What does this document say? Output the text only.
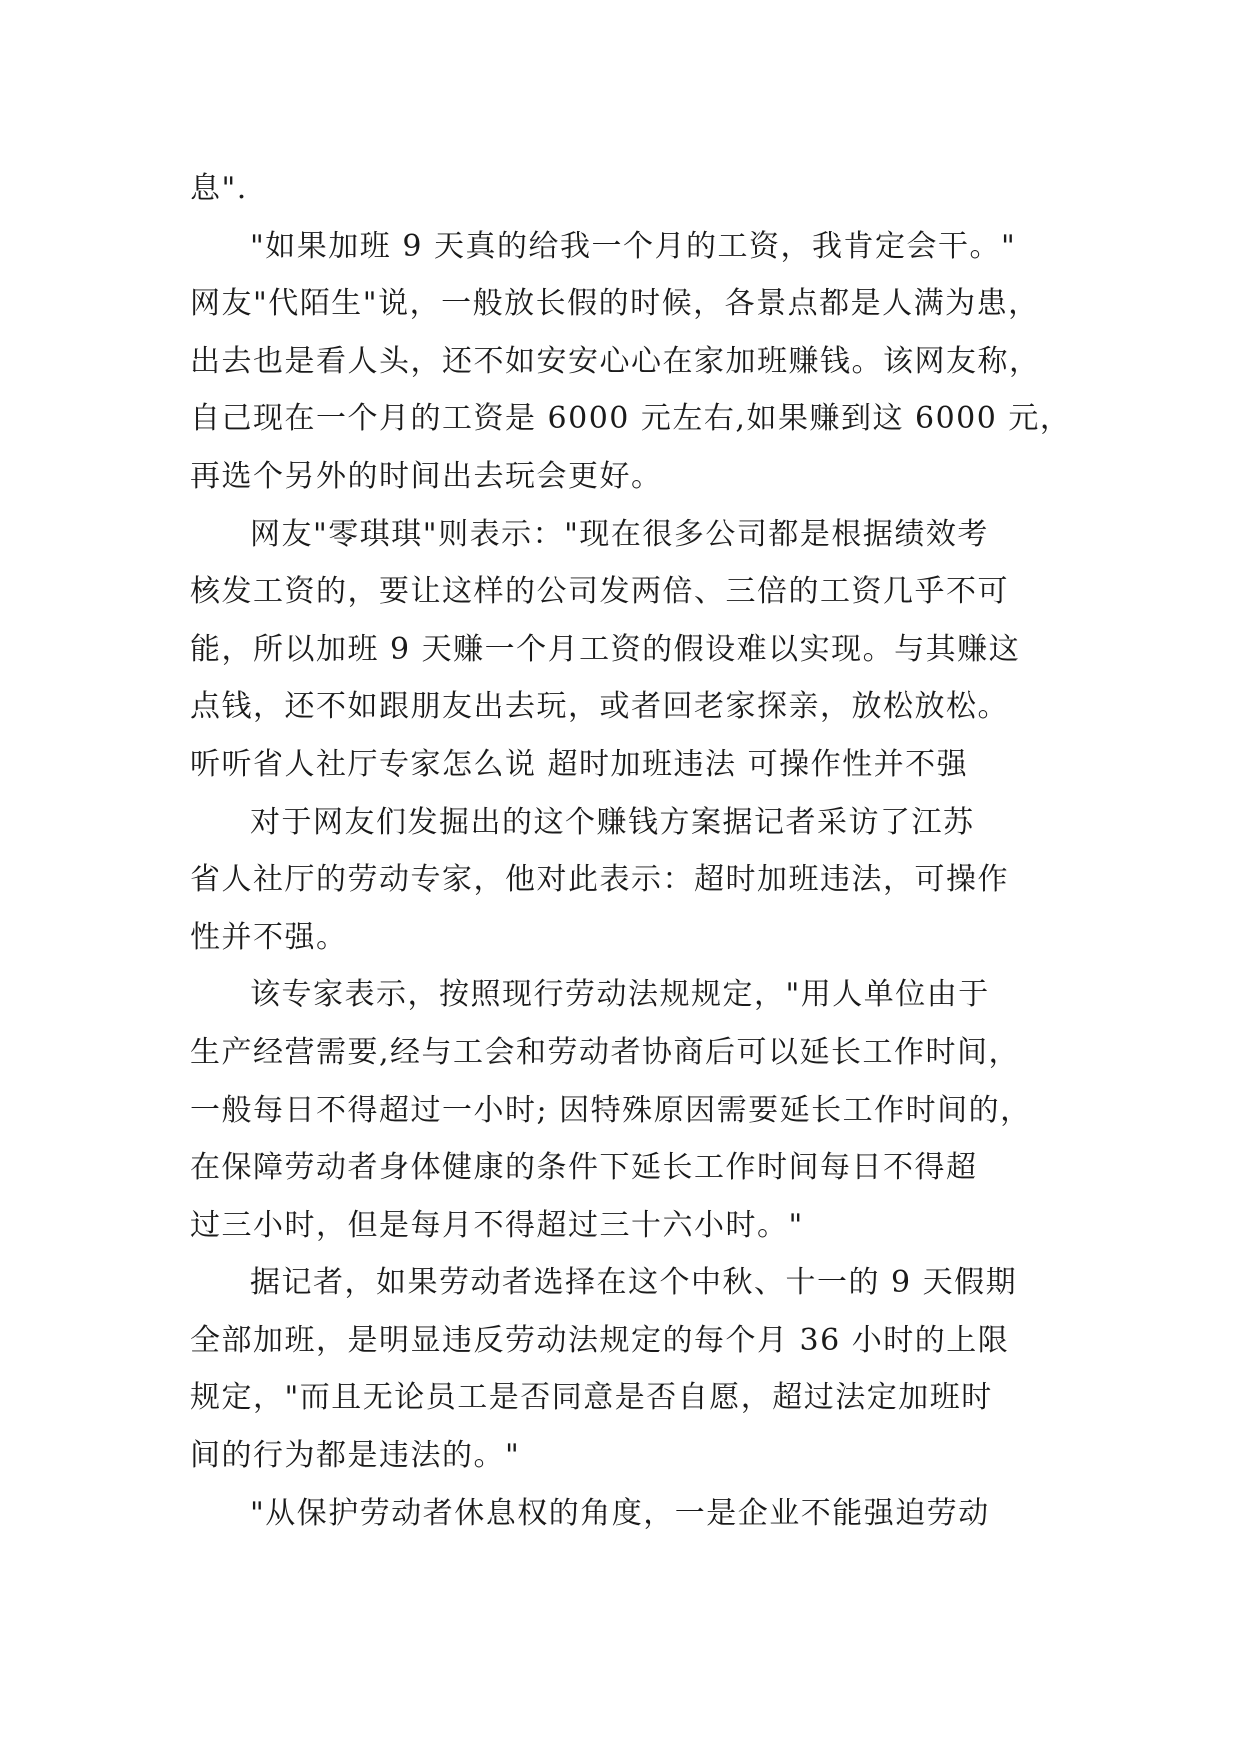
息".
"如果加班 9 天真的给我一个月的工资，我肯定会干。"
网友"代陌生"说，一般放长假的时候，各景点都是人满为患，
出去也是看人头，还不如安安心心在家加班赚钱。该网友称，
自己现在一个月的工资是 6000 元左右,如果赚到这 6000 元，
再选个另外的时间出去玩会更好。
网友"零琪琪"则表示："现在很多公司都是根据绩效考
核发工资的，要让这样的公司发两倍、三倍的工资几乎不可
能，所以加班 9 天赚一个月工资的假设难以实现。与其赚这
点钱，还不如跟朋友出去玩，或者回老家探亲，放松放松。
听听省人社厅专家怎么说 超时加班违法 可操作性并不强
对于网友们发掘出的这个赚钱方案据记者采访了江苏
省人社厅的劳动专家，他对此表示：超时加班违法，可操作
性并不强。
该专家表示，按照现行劳动法规规定，"用人单位由于
生产经营需要,经与工会和劳动者协商后可以延长工作时间，
一般每日不得超过一小时; 因特殊原因需要延长工作时间的，
在保障劳动者身体健康的条件下延长工作时间每日不得超
过三小时，但是每月不得超过三十六小时。"
据记者，如果劳动者选择在这个中秋、十一的 9 天假期
全部加班，是明显违反劳动法规定的每个月 36 小时的上限
规定，"而且无论员工是否同意是否自愿，超过法定加班时
间的行为都是违法的。"
"从保护劳动者休息权的角度，一是企业不能强迫劳动
